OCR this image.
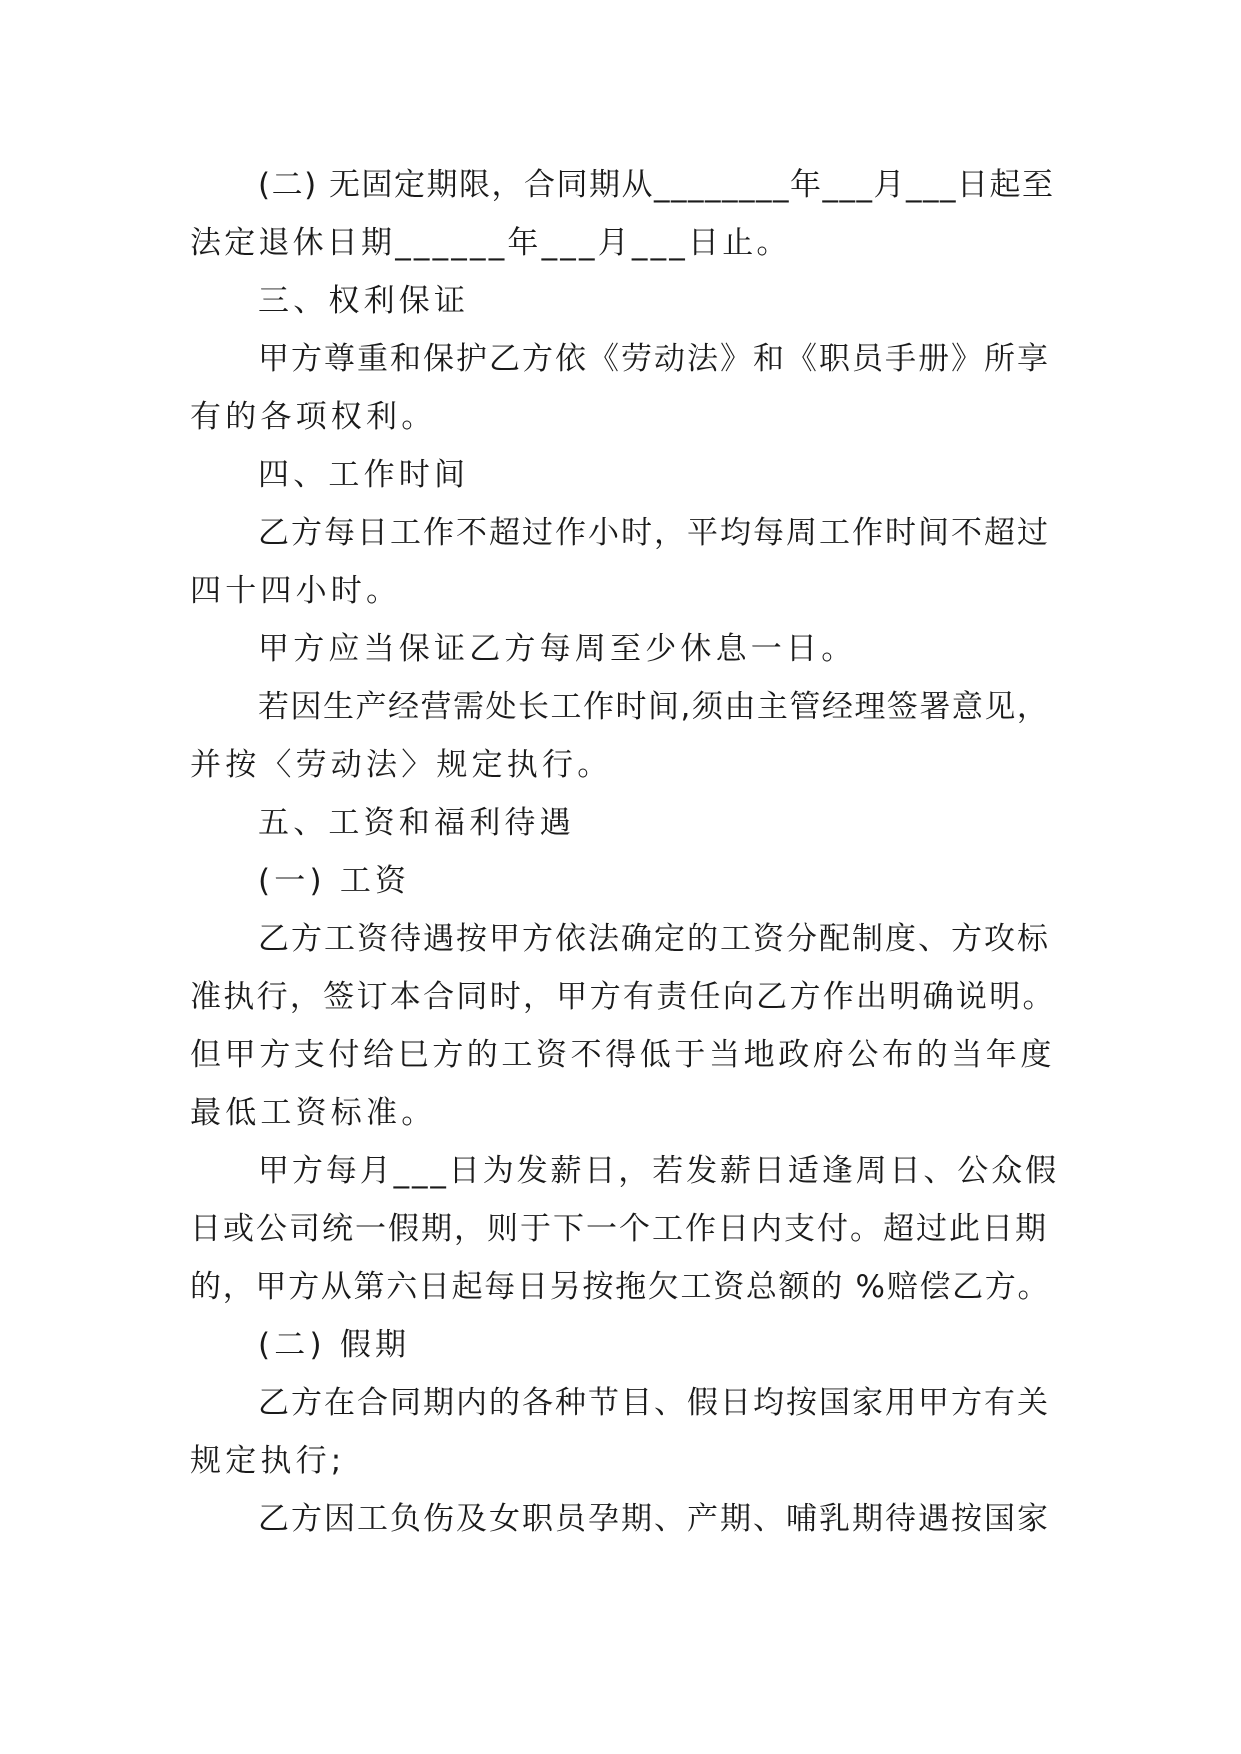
(二) 无固定期限，合同期从________年___月___日起至
法定退休日期______年___月___日止。
三、权利保证
甲方尊重和保护乙方依《劳动法》和《职员手册》所享
有的各项权利。
四、工作时间
乙方每日工作不超过作小时，平均每周工作时间不超过
四十四小时。
甲方应当保证乙方每周至少休息一日。
若因生产经营需处长工作时间,须由主管经理签署意见，
并按〈劳动法〉规定执行。
五、工资和福利待遇
(一) 工资
乙方工资待遇按甲方依法确定的工资分配制度、方攻标
准执行，签订本合同时，甲方有责任向乙方作出明确说明。
但甲方支付给巳方的工资不得低于当地政府公布的当年度
最低工资标准。
甲方每月___日为发薪日，若发薪日适逢周日、公众假
日或公司统一假期，则于下一个工作日内支付。超过此日期
的，甲方从第六日起每日另按拖欠工资总额的 %赔偿乙方。
(二) 假期
乙方在合同期内的各种节目、假日均按国家用甲方有关
规定执行;
乙方因工负伤及女职员孕期、产期、哺乳期待遇按国家
